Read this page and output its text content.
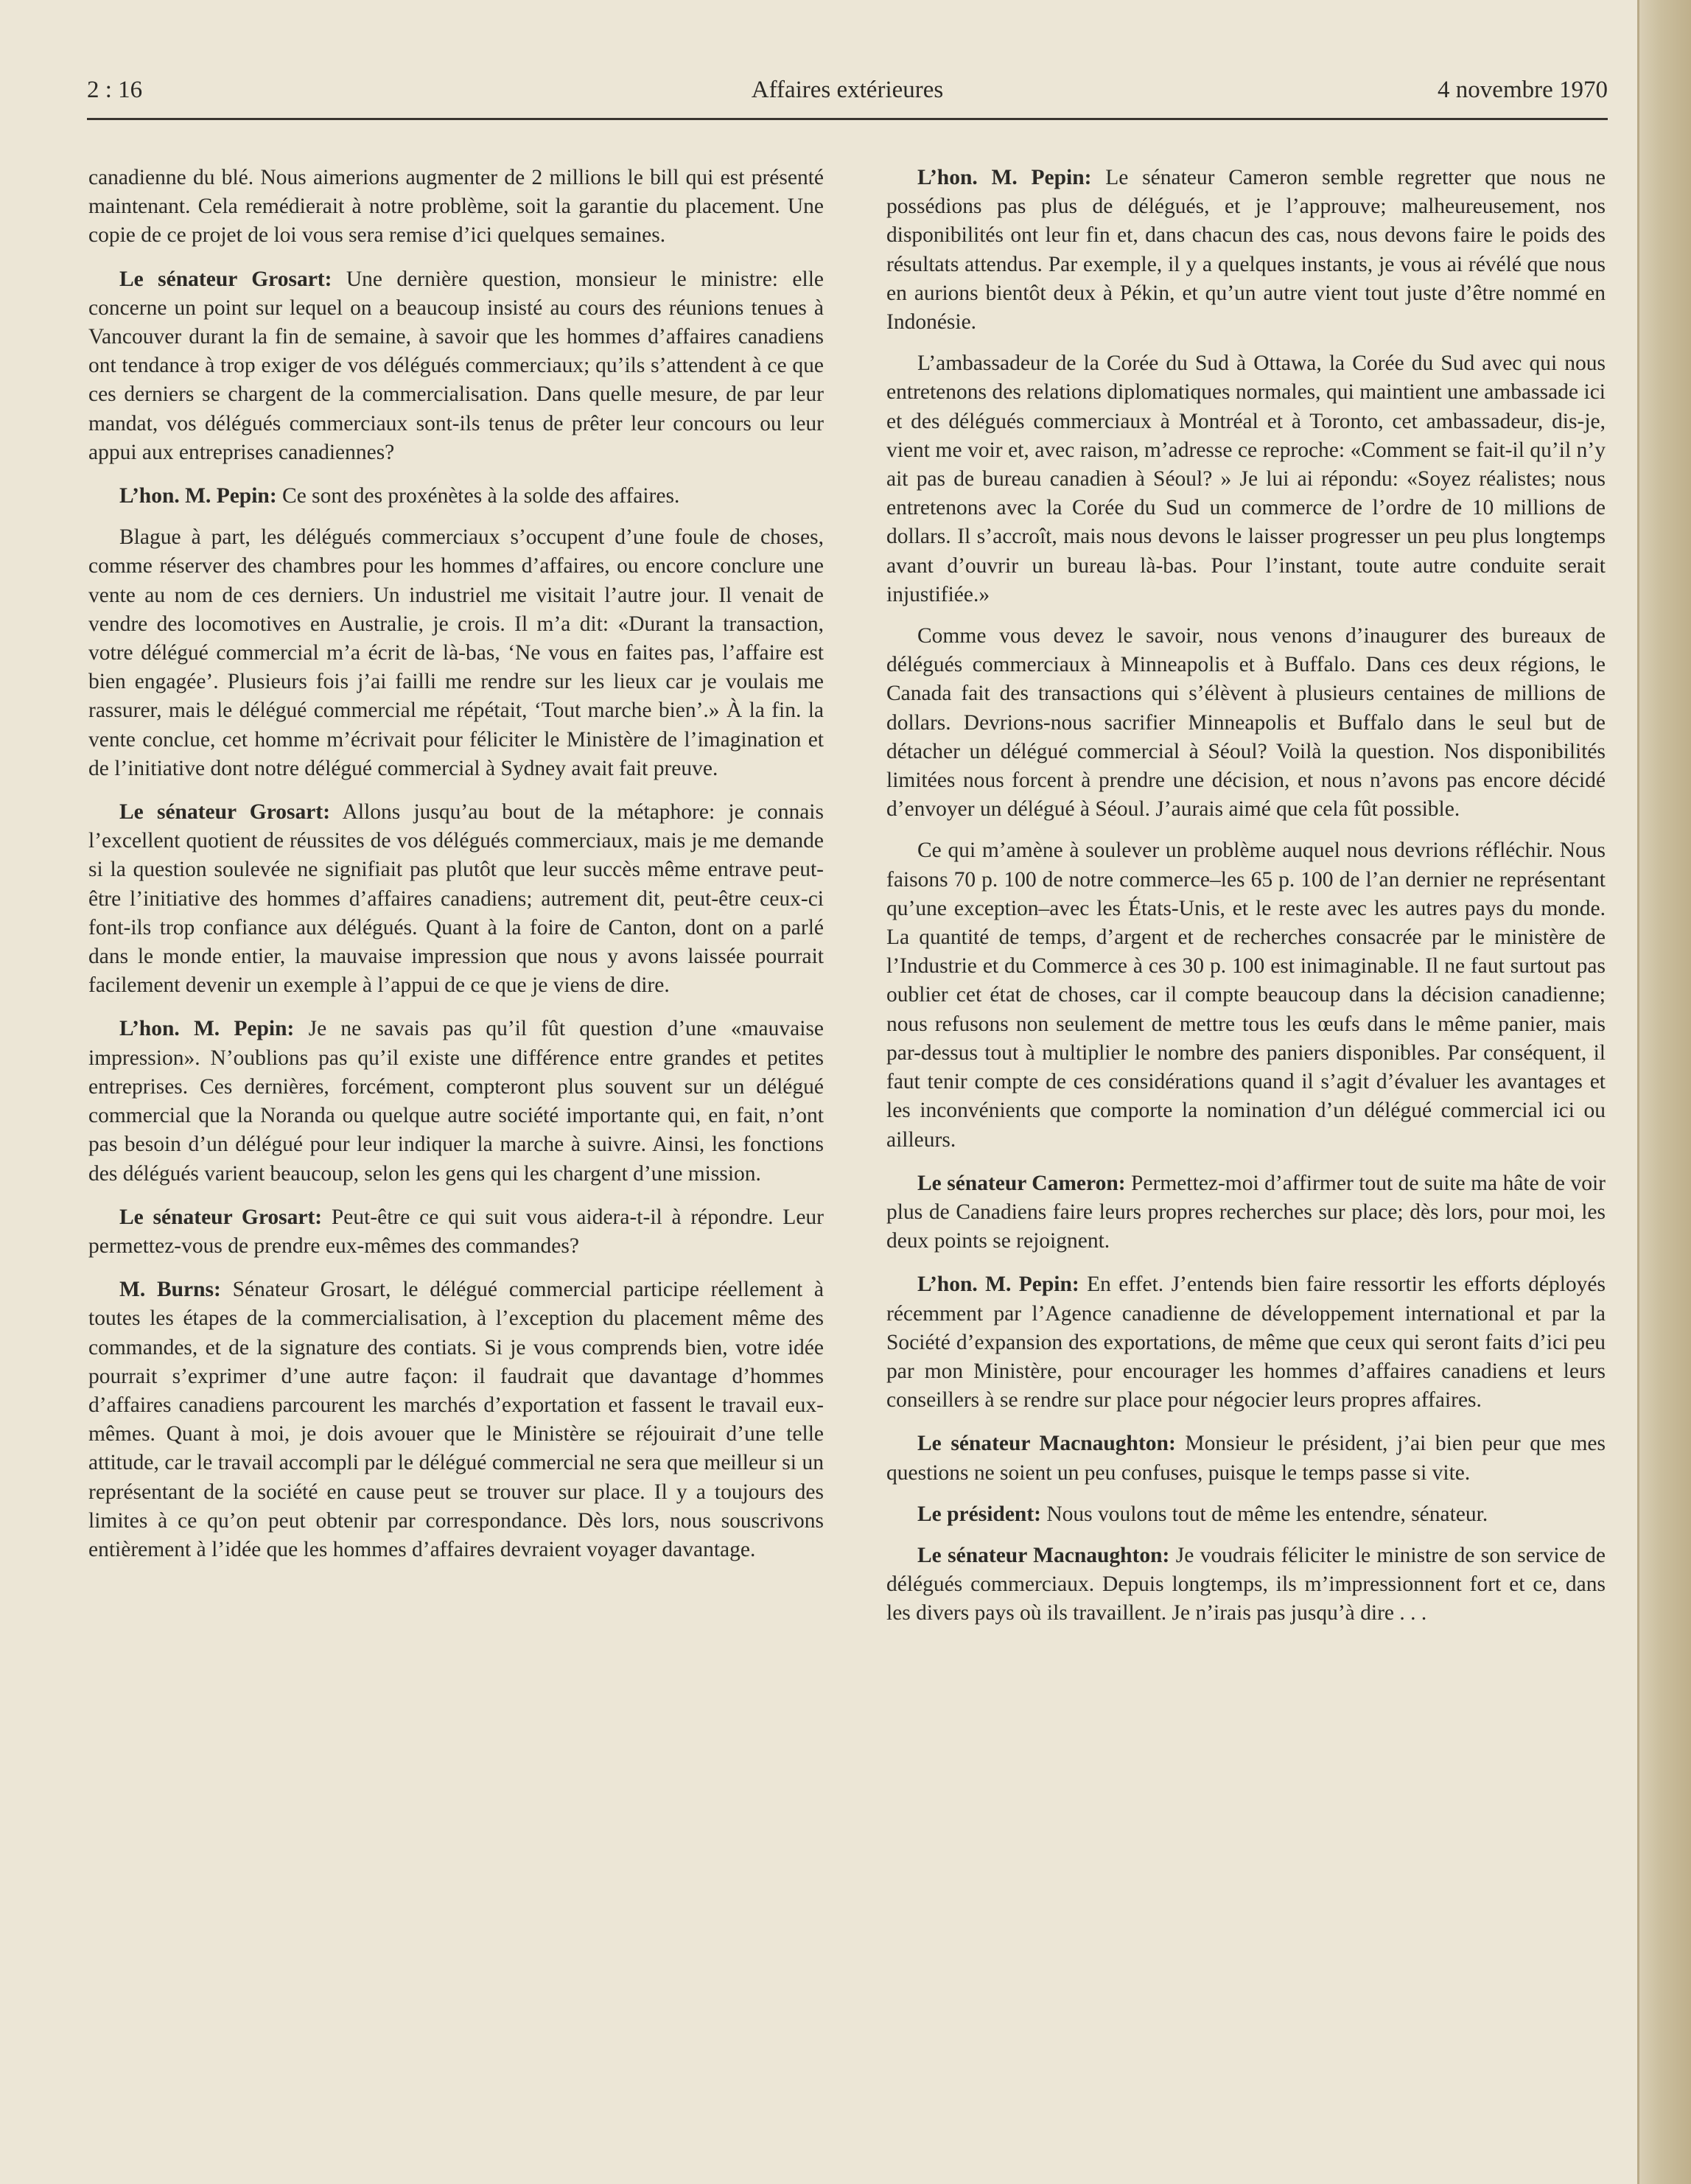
2 : 16	Affaires extérieures	4 novembre 1970

canadienne du blé. Nous aimerions augmenter de 2 millions le bill qui est présenté maintenant. Cela remédierait à notre problème, soit la garantie du placement. Une copie de ce projet de loi vous sera remise d’ici quelques semaines.

Le sénateur Grosart: Une dernière question, monsieur le ministre: elle concerne un point sur lequel on a beaucoup insisté au cours des réunions tenues à Vancouver durant la fin de semaine, à savoir que les hommes d’affaires canadiens ont tendance à trop exiger de vos délégués commerciaux; qu’ils s’attendent à ce que ces derniers se chargent de la commercialisation. Dans quelle mesure, de par leur mandat, vos délégués commerciaux sont-ils tenus de prêter leur concours ou leur appui aux entreprises canadiennes?

L’hon. M. Pepin: Ce sont des proxénètes à la solde des affaires.

Blague à part, les délégués commerciaux s’occupent d’une foule de choses, comme réserver des chambres pour les hommes d’affaires, ou encore conclure une vente au nom de ces derniers. Un industriel me visitait l’autre jour. Il venait de vendre des locomotives en Australie, je crois. Il m’a dit: «Durant la transaction, votre délégué commercial m’a écrit de là-bas, ‘Ne vous en faites pas, l’affaire est bien engagée’. Plusieurs fois j’ai failli me rendre sur les lieux car je voulais me rassurer, mais le délégué commercial me répétait, ‘Tout marche bien’.» À la fin. la vente conclue, cet homme m’écrivait pour féliciter le Ministère de l’imagination et de l’initiative dont notre délégué commercial à Sydney avait fait preuve.

Le sénateur Grosart: Allons jusqu’au bout de la métaphore: je connais l’excellent quotient de réussites de vos délégués commerciaux, mais je me demande si la question soulevée ne signifiait pas plutôt que leur succès même entrave peut-être l’initiative des hommes d’affaires canadiens; autrement dit, peut-être ceux-ci font-ils trop confiance aux délégués. Quant à la foire de Canton, dont on a parlé dans le monde entier, la mauvaise impression que nous y avons laissée pourrait facilement devenir un exemple à l’appui de ce que je viens de dire.

L’hon. M. Pepin: Je ne savais pas qu’il fût question d’une «mauvaise impression». N’oublions pas qu’il existe une différence entre grandes et petites entreprises. Ces dernières, forcément, compteront plus souvent sur un délégué commercial que la Noranda ou quelque autre société importante qui, en fait, n’ont pas besoin d’un délégué pour leur indiquer la marche à suivre. Ainsi, les fonctions des délégués varient beaucoup, selon les gens qui les chargent d’une mission.

Le sénateur Grosart: Peut-être ce qui suit vous aidera-t-il à répondre. Leur permettez-vous de prendre eux-mêmes des commandes?

M. Burns: Sénateur Grosart, le délégué commercial participe réellement à toutes les étapes de la commercialisation, à l’exception du placement même des commandes, et de la signature des contiats. Si je vous comprends bien, votre idée pourrait s’exprimer d’une autre façon: il faudrait que davantage d’hommes d’affaires canadiens parcourent les marchés d’exportation et fassent le travail eux-mêmes. Quant à moi, je dois avouer que le Ministère se réjouirait d’une telle attitude, car le travail accompli par le délégué commercial ne sera que meilleur si un représentant de la société en cause peut se trouver sur place. Il y a toujours des limites à ce qu’on peut obtenir par correspondance. Dès lors, nous souscrivons entièrement à l’idée que les hommes d’affaires devraient voyager davantage.

L’hon. M. Pepin: Le sénateur Cameron semble regretter que nous ne possédions pas plus de délégués, et je l’approuve; malheureusement, nos disponibilités ont leur fin et, dans chacun des cas, nous devons faire le poids des résultats attendus. Par exemple, il y a quelques instants, je vous ai révélé que nous en aurions bientôt deux à Pékin, et qu’un autre vient tout juste d’être nommé en Indonésie.

L’ambassadeur de la Corée du Sud à Ottawa, la Corée du Sud avec qui nous entretenons des relations diplomatiques normales, qui maintient une ambassade ici et des délégués commerciaux à Montréal et à Toronto, cet ambassadeur, dis-je, vient me voir et, avec raison, m’adresse ce reproche: «Comment se fait-il qu’il n’y ait pas de bureau canadien à Séoul? » Je lui ai répondu: «Soyez réalistes; nous entretenons avec la Corée du Sud un commerce de l’ordre de 10 millions de dollars. Il s’accroît, mais nous devons le laisser progresser un peu plus longtemps avant d’ouvrir un bureau là-bas. Pour l’instant, toute autre conduite serait injustifiée.»

Comme vous devez le savoir, nous venons d’inaugurer des bureaux de délégués commerciaux à Minneapolis et à Buffalo. Dans ces deux régions, le Canada fait des transactions qui s’élèvent à plusieurs centaines de millions de dollars. Devrions-nous sacrifier Minneapolis et Buffalo dans le seul but de détacher un délégué commercial à Séoul? Voilà la question. Nos disponibilités limitées nous forcent à prendre une décision, et nous n’avons pas encore décidé d’envoyer un délégué à Séoul. J’aurais aimé que cela fût possible.

Ce qui m’amène à soulever un problème auquel nous devrions réfléchir. Nous faisons 70 p. 100 de notre commerce–les 65 p. 100 de l’an dernier ne représentant qu’une exception–avec les États-Unis, et le reste avec les autres pays du monde. La quantité de temps, d’argent et de recherches consacrée par le ministère de l’Industrie et du Commerce à ces 30 p. 100 est inimaginable. Il ne faut surtout pas oublier cet état de choses, car il compte beaucoup dans la décision canadienne; nous refusons non seulement de mettre tous les œufs dans le même panier, mais par-dessus tout à multiplier le nombre des paniers disponibles. Par conséquent, il faut tenir compte de ces considérations quand il s’agit d’évaluer les avantages et les inconvénients que comporte la nomination d’un délégué commercial ici ou ailleurs.

Le sénateur Cameron: Permettez-moi d’affirmer tout de suite ma hâte de voir plus de Canadiens faire leurs propres recherches sur place; dès lors, pour moi, les deux points se rejoignent.

L’hon. M. Pepin: En effet. J’entends bien faire ressortir les efforts déployés récemment par l’Agence canadienne de développement international et par la Société d’expansion des exportations, de même que ceux qui seront faits d’ici peu par mon Ministère, pour encourager les hommes d’affaires canadiens et leurs conseillers à se rendre sur place pour négocier leurs propres affaires.

Le sénateur Macnaughton: Monsieur le président, j’ai bien peur que mes questions ne soient un peu confuses, puisque le temps passe si vite.

Le président: Nous voulons tout de même les entendre, sénateur.

Le sénateur Macnaughton: Je voudrais féliciter le ministre de son service de délégués commerciaux. Depuis longtemps, ils m’impressionnent fort et ce, dans les divers pays où ils travaillent. Je n’irais pas jusqu’à dire . . .
